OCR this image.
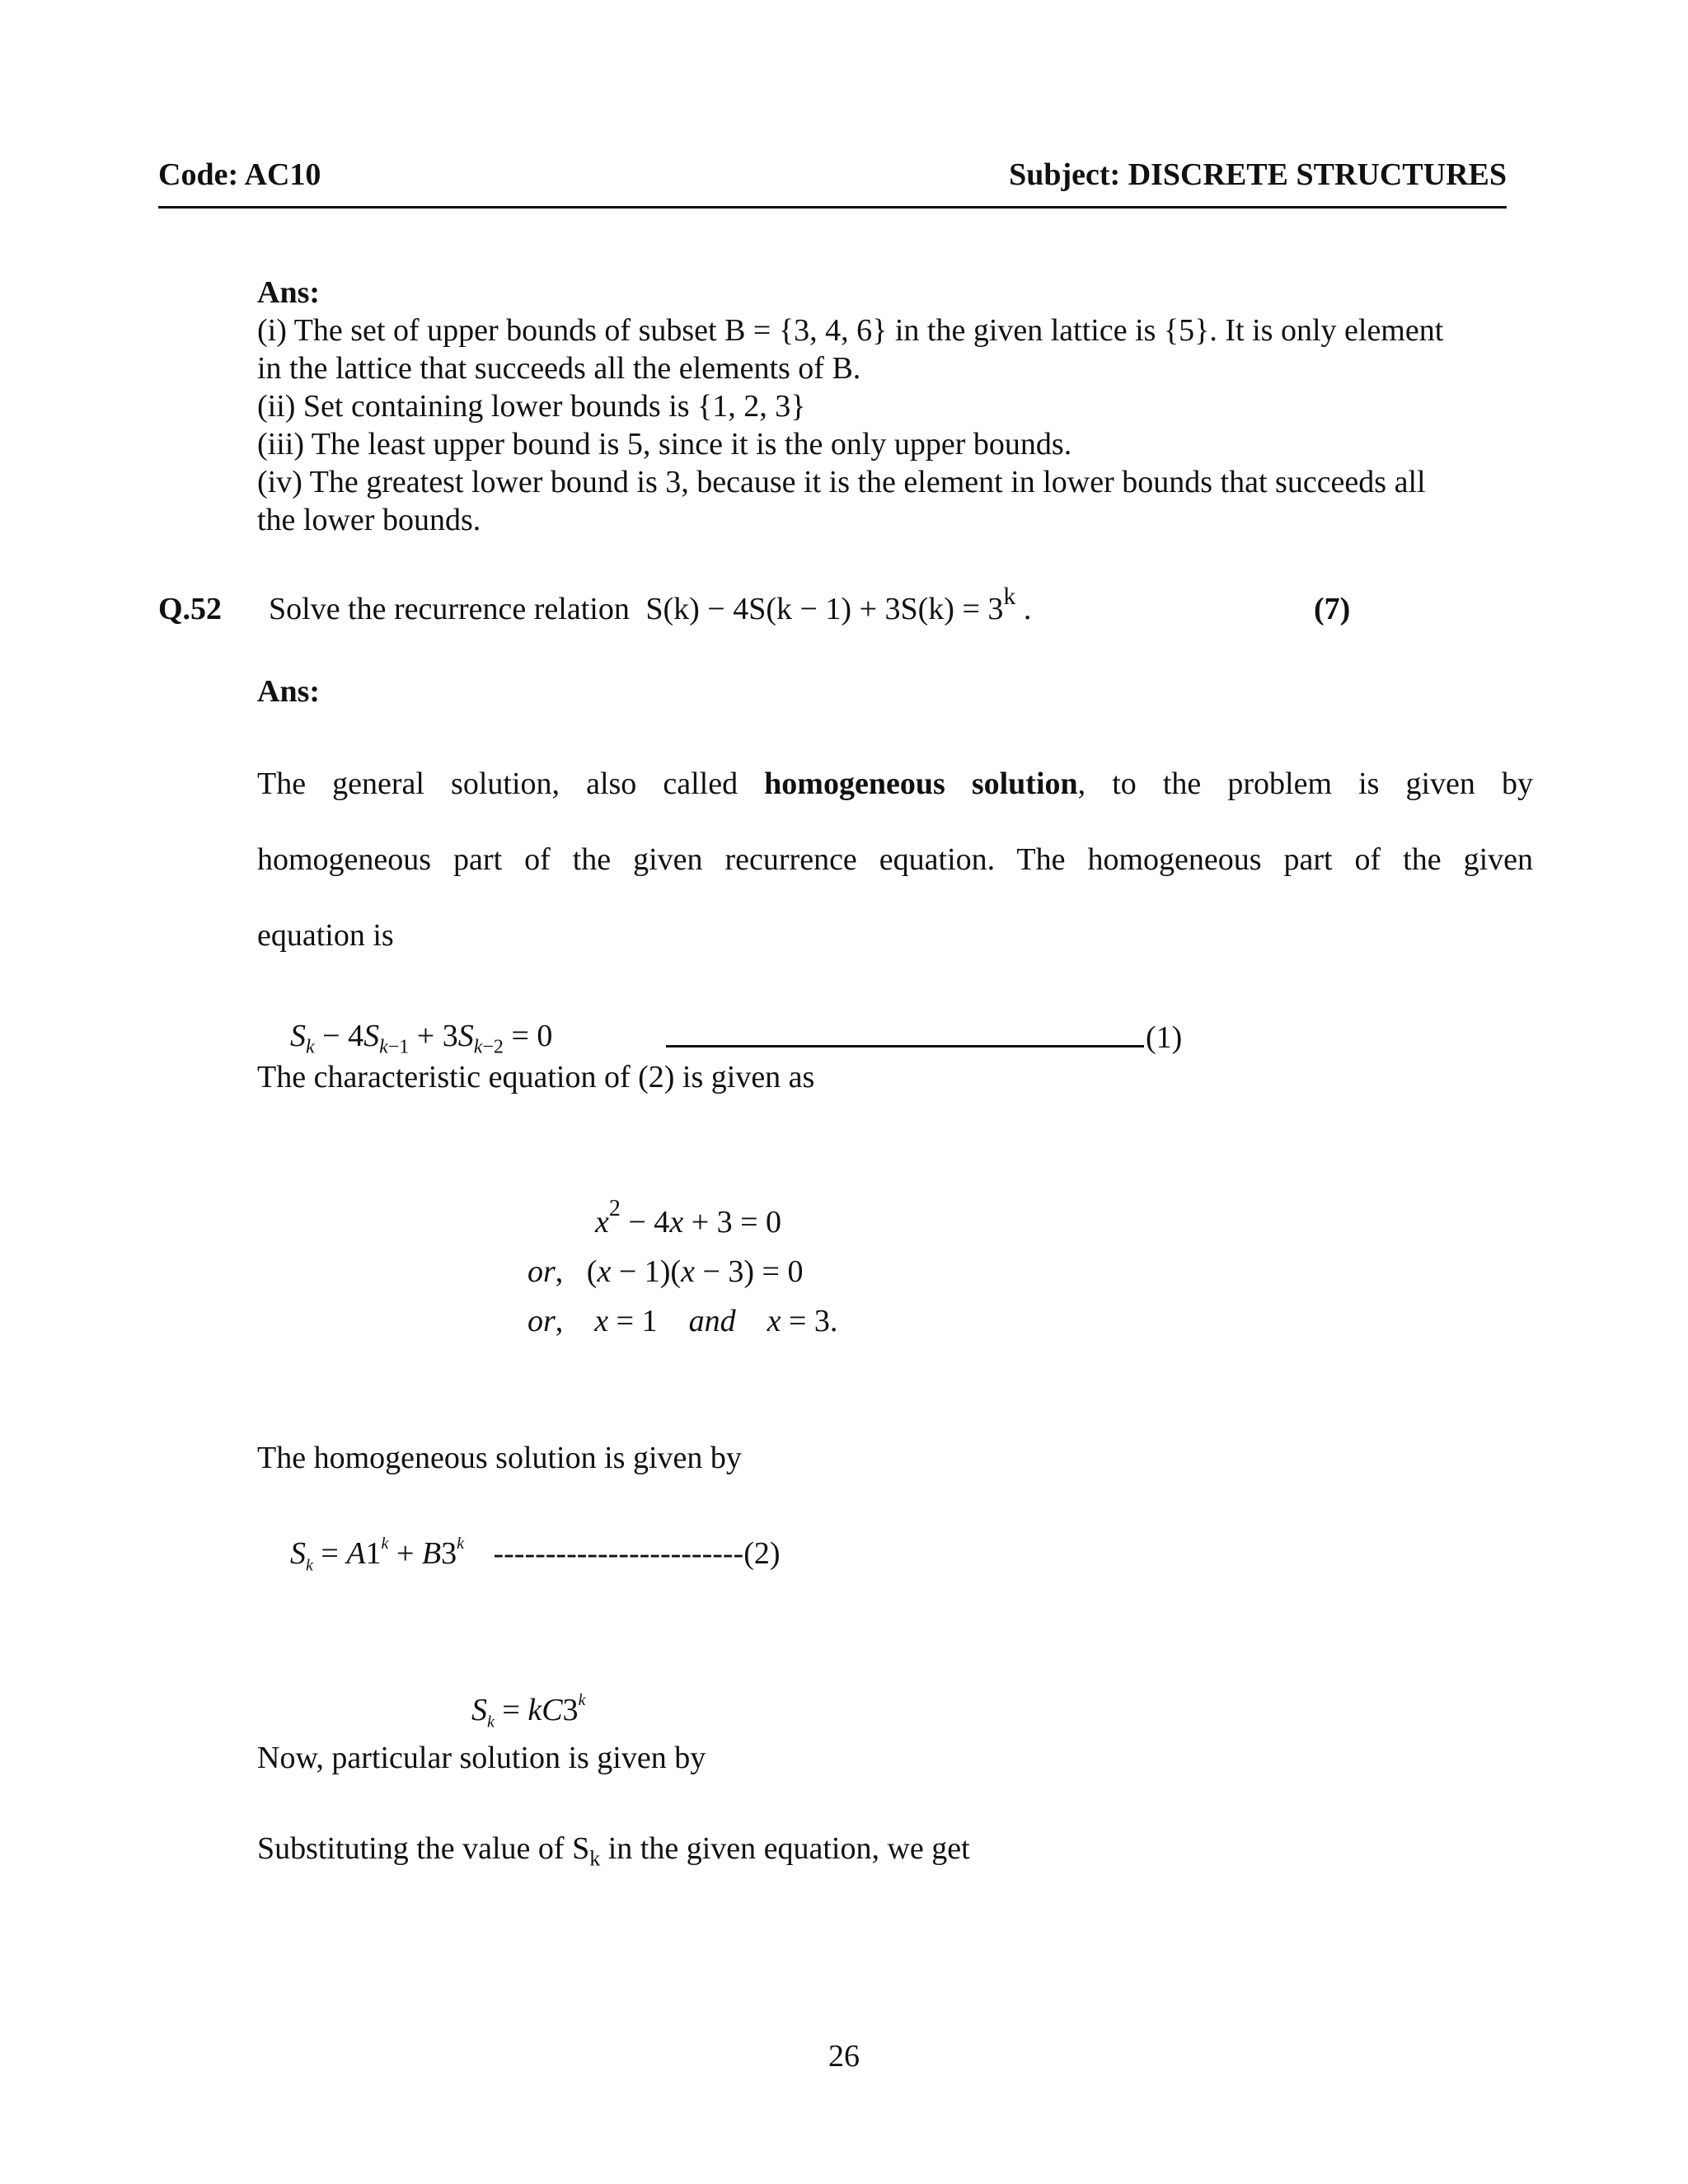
Code: AC10	Subject: DISCRETE STRUCTURES
Ans:
(i) The set of upper bounds of subset B = {3, 4, 6} in the given lattice is {5}. It is only element
in the lattice that succeeds all the elements of B.
(ii) Set containing lower bounds is {1, 2, 3}
(iii) The least upper bound is 5, since it is the only upper bounds.
(iv) The greatest lower bound is 3, because it is the element in lower bounds that succeeds all
the lower bounds.
Q.52 Solve the recurrence relation $S(k) - 4S(k - 1) + 3S(k) = 3^k$ .	(7)
Ans:
The general solution, also called homogeneous solution, to the problem is given by
homogeneous part of the given recurrence equation. The homogeneous part of the given
equation is
$S_k - 4S_{k-1} + 3S_{k-2} = 0$	(1)
The characteristic equation of (2) is given as
$x^2 - 4x + 3 = 0$
or,   (x − 1)(x − 3) = 0
or,    x = 1    and x = 3.
The homogeneous solution is given by
$S_k = A1^k + B3^k$ ------------------------(2)
$S_k = kC3^k$
Now, particular solution is given by
Substituting the value of $S_k$ in the given equation, we get
26
